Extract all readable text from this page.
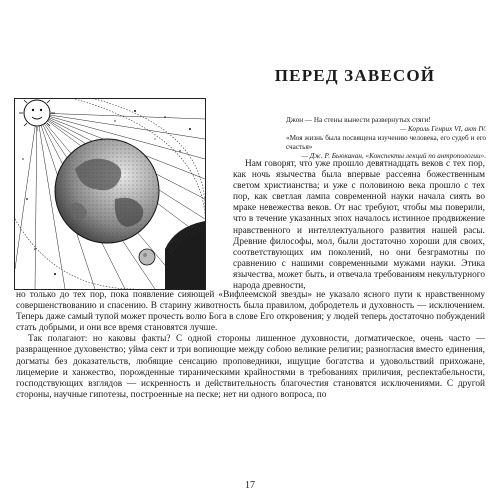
ПЕРЕД ЗАВЕСОЙ
Джон — На стены вынести развернутых стяги!
— Король Генрих VI, акт IV.
«Моя жизнь была посвящена изучению человека, его судеб и его счастья»
— Дж. Р. Бьюканан, «Конспекты лекций по антропологии».

Нам говорят, что уже прошло девятнадцать веков с тех пор, как ночь язычества была впервые рассеяна божественным светом христианства; и уже с половиною века прошло с тех пор, как светлая лампа современной науки начала сиять во мраке невежества веков. От нас требуют, чтобы мы поверили, что в течение указанных эпох началось истинное продвижение нравственного и интеллектуального развития нашей расы. Древние философы, мол, были достаточно хороши для своих, соответствующих им поколений, но они безграмотны по сравнению с нашими современными мужами науки. Этика язычества, может быть, и отвечала требованиям некультурного народа древности,

но только до тех пор, пока появление сияющей «Вифлеемской звезды» не указало ясного пути к нравственному совершенствованию и спасению. В старину животность была правилом, добродетель и духовность — исключением. Теперь даже самый тупой может прочесть волю Бога в слове Его откровения; у людей теперь достаточно побуждений стать добрыми, и они все время становятся лучше.

Так полагают: но каковы факты? С одной стороны лишенное духовности, догматическое, очень часто — развращенное духовенство; уйма сект и три вопиющие между собою великие религии; разногласия вместо единения, догматы без доказательств, любящие сенсацию проповедники, ищущие богатства и удовольствий прихожане, лицемерие и ханжество, порожденные тираническими крайностями в требованиях приличия, респектабельности, господствующих взглядов — искренность и действительность благочестия становятся исключениями. С другой стороны, научные гипотезы, построенные на песке; нет ни одного вопроса, по

17
